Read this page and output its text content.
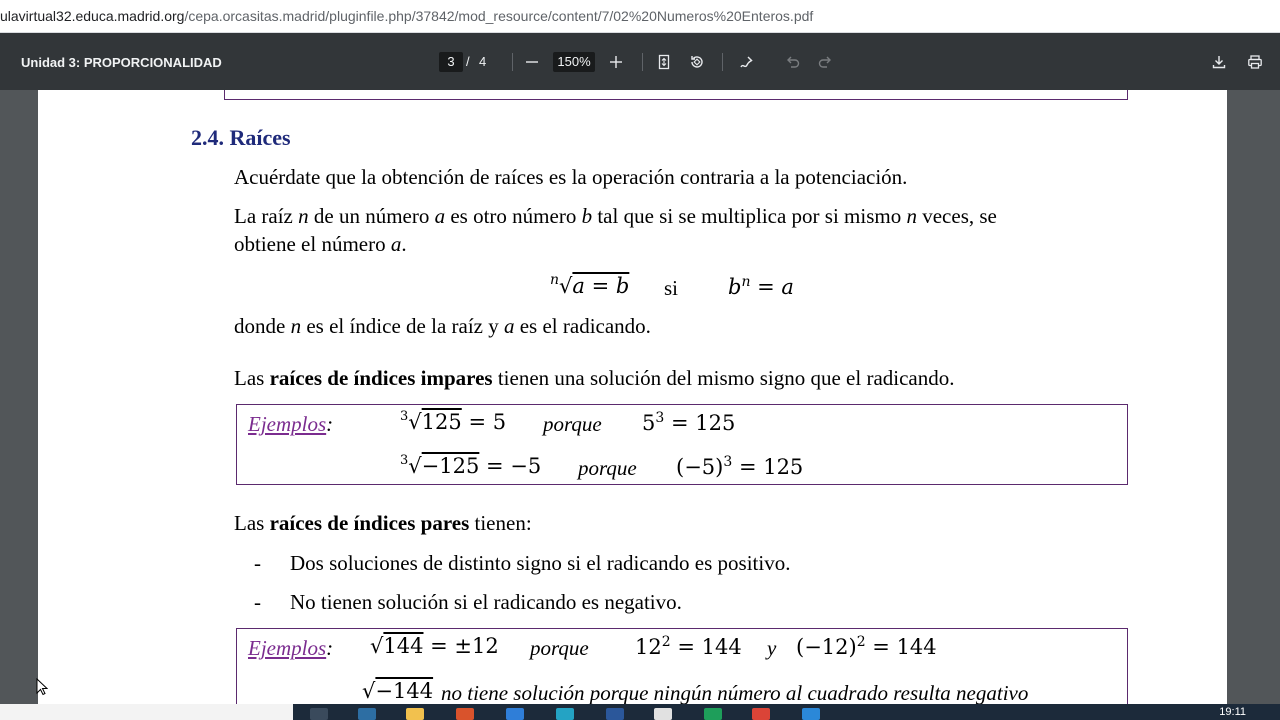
ulavirtual32.educa.madrid.org/cepa.orcasitas.madrid/pluginfile.php/37842/mod_resource/content/7/02%20Numeros%20Enteros.pdf
Unidad 3: PROPORCIONALIDAD	3 / 4	150%
2.4. Raíces
Acuérdate que la obtención de raíces es la operación contraria a la potenciación.
La raíz n de un número a es otro número b tal que si se multiplica por si mismo n veces, se
obtiene el número a.
$^n$√a = b si $b^n = a$
donde n es el índice de la raíz y a es el radicando.
Las raíces de índices impares tienen una solución del mismo signo que el radicando.
Ejemplos:	$^3$√125 = 5 porque $5^3 = 125$
$^3$√−125 = −5 porque $(-5)^3 = 125$
Las raíces de índices pares tienen:
- Dos soluciones de distinto signo si el radicando es positivo.
- No tienen solución si el radicando es negativo.
Ejemplos: √144 = ±12 porque $12^2 = 144$ y $(-12)^2 = 144$
√−144 no tiene solución porque ningún número al cuadrado resulta negativo
19:11
